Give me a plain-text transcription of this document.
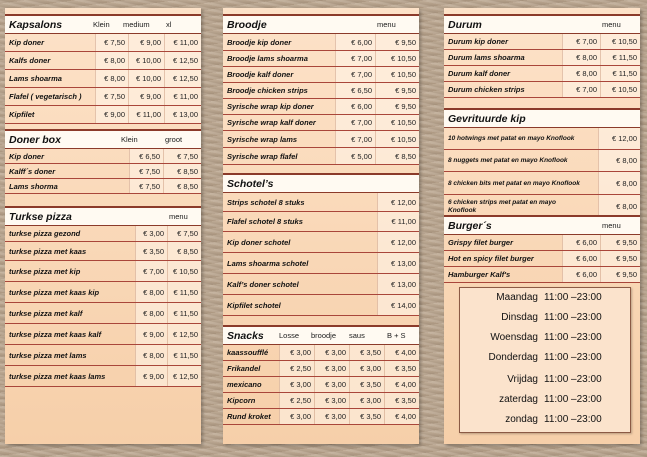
Kapsalons	Klein	medium	xl
Kip doner	€ 7,50	€ 9,00	€ 11,00
Kalfs doner	€ 8,00	€ 10,00	€ 12,50
Lams shoarma	€ 8,00	€ 10,00	€ 12,50
Flafel ( vegetarisch )	€ 7,50	€ 9,00	€ 11,00
Kipfilet	€ 9,00	€ 11,00	€ 13,00
Doner box	Klein	groot
Kip doner	€ 6,50	€ 7,50
Kalff´s doner	€ 7,50	€ 8,50
Lams shorma	€ 7,50	€ 8,50
Turkse pizza	menu
turkse pizza gezond	€ 3,00	€ 7,50
turkse pizza met kaas	€ 3,50	€ 8,50
turkse pizza met kip	€ 7,00	€ 10,50
turkse pizza met kaas kip	€ 8,00	€ 11,50
turkse pizza met kalf	€ 8,00	€ 11,50
turkse pizza met kaas kalf	€ 9,00	€ 12,50
turkse pizza met lams	€ 8,00	€ 11,50
turkse pizza met kaas lams	€ 9,00	€ 12,50
Broodje	menu
Broodje kip doner	€ 6,00	€ 9,50
Broodje lams shoarma	€ 7,00	€ 10,50
Broodje kalf doner	€ 7,00	€ 10,50
Broodje chicken strips	€ 6,50	€ 9,50
Syrische wrap kip doner	€ 6,00	€ 9,50
Syrische wrap kalf doner	€ 7,00	€ 10,50
Syrische wrap lams	€ 7,00	€ 10,50
Syrische wrap flafel	€ 5,00	€ 8,50
Schotel’s
Strips schotel 8 stuks	€ 12,00
Flafel schotel 8 stuks	€ 11,00
Kip doner schotel	€ 12,00
Lams shoarma schotel	€ 13,00
Kalf’s doner schotel	€ 13,00
Kipfilet schotel	€ 14,00
Snacks	Losse	broodje	saus	B + S
kaassoufflé	€ 3,00	€ 3,00	€ 3,50	€ 4,00
Frikandel	€ 2,50	€ 3,00	€ 3,00	€ 3,50
mexicano	€ 3,00	€ 3,00	€ 3,50	€ 4,00
Kipcorn	€ 2,50	€ 3,00	€ 3,00	€ 3,50
Rund kroket	€ 3,00	€ 3,00	€ 3,50	€ 4,00
Durum	menu
Durum kip doner	€ 7,00	€ 10,50
Durum lams shoarma	€ 8,00	€ 11,50
Durum kalf doner	€ 8,00	€ 11,50
Durum chicken strips	€ 7,00	€ 10,50
Gevrituurde kip
10 hotwings met patat en mayo Knoflook	€ 12,00
8 nuggets met patat en mayo Knoflook	€ 8,00
8 chicken bits met patat en mayo Knoflook	€ 8,00
6 chicken strips met patat en mayo
Knoflook	€ 8,00
Burger´s	menu
Grispy filet burger	€ 6,00	€ 9,50
Hot en spicy filet burger	€ 6,00	€ 9,50
Hamburger Kalf's	€ 6,00	€ 9,50
Maandag 11:00 –23:00
Dinsdag 11:00 –23:00
Woensdag 11:00 –23:00
Donderdag 11:00 –23:00
Vrijdag 11:00 –23:00
zaterdag 11:00 –23:00
zondag 11:00 –23:00
